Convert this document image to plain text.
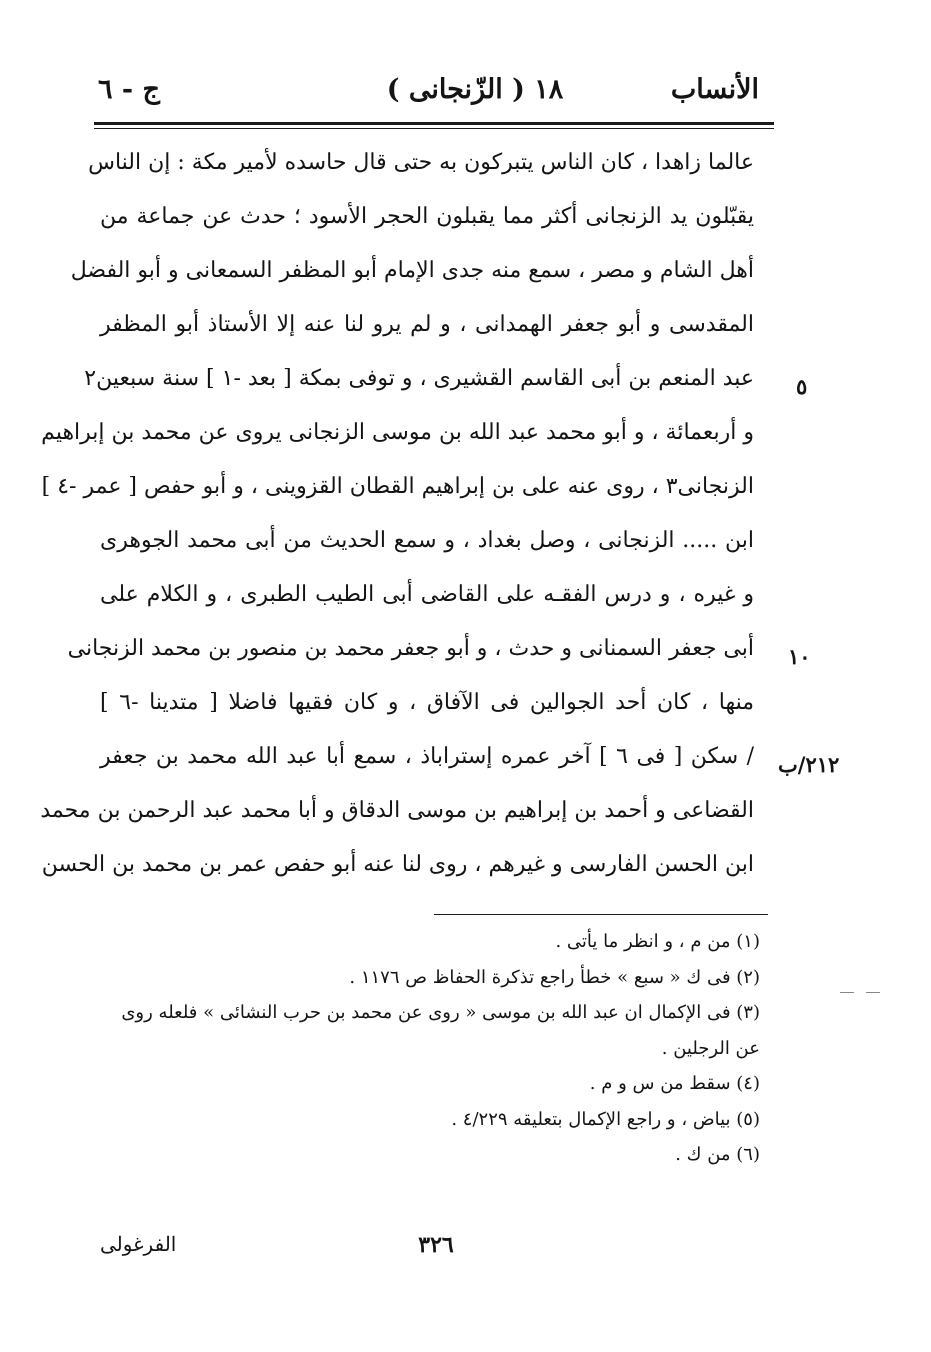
الأنساب
١٨ ( الزّنجانى )
ج - ٦
عالما زاهدا ، كان الناس يتبركون به حتى قال حاسده لأمير مكة : إن الناس
يقبّلون يد الزنجانى أكثر مما يقبلون الحجر الأسود ؛ حدث عن جماعة من
أهل الشام و مصر ، سمع منه جدى الإمام أبو المظفر السمعانى و أبو الفضل
المقدسى و أبو جعفر الهمدانى ، و لم يرو لنا عنه إلا الأستاذ أبو المظفر
عبد المنعم بن أبى القاسم القشيرى ، و توفى بمكة [ بعد -١ ] سنة سبعين٢
و أربعمائة ، و أبو محمد عبد الله بن موسى الزنجانى يروى عن محمد بن إبراهيم
الزنجانى٣ ، روى عنه على بن إبراهيم القطان القزوينى ، و أبو حفص [ عمر -٤ ]
ابن ..... الزنجانى ، وصل بغداد ، و سمع الحديث من أبى محمد الجوهرى
و غيره ، و درس الفقـه على القاضى أبى الطيب الطبرى ، و الكلام على
أبى جعفر السمنانى و حدث ، و أبو جعفر محمد بن منصور بن محمد الزنجانى
منها ، كان أحد الجوالين فى الآفاق ، و كان فقيها فاضلا [ متدينا -٦ ]
/ سكن [ فى ٦ ] آخر عمره إستراباذ ، سمع أبا عبد الله محمد بن جعفر
القضاعى و أحمد بن إبراهيم بن موسى الدقاق و أبا محمد عبد الرحمن بن محمد
ابن الحسن الفارسى و غيرهم ، روى لنا عنه أبو حفص عمر بن محمد بن الحسن
٥
١٠
٢١٢/ب
(١) من م ، و انظر ما يأتى .
(٢) فى ك « سبع » خطأ راجع تذكرة الحفاظ ص ١١٧٦ .
(٣) فى الإكمال ان عبد الله بن موسى « روى عن محمد بن حرب النشائى » فلعله روى
عن الرجلين .
(٤) سقط من س و م .
(٥) بياض ، و راجع الإكمال بتعليقه ٤/٢٢٩ .
(٦) من ك .
٣٢٦
الفرغولى
